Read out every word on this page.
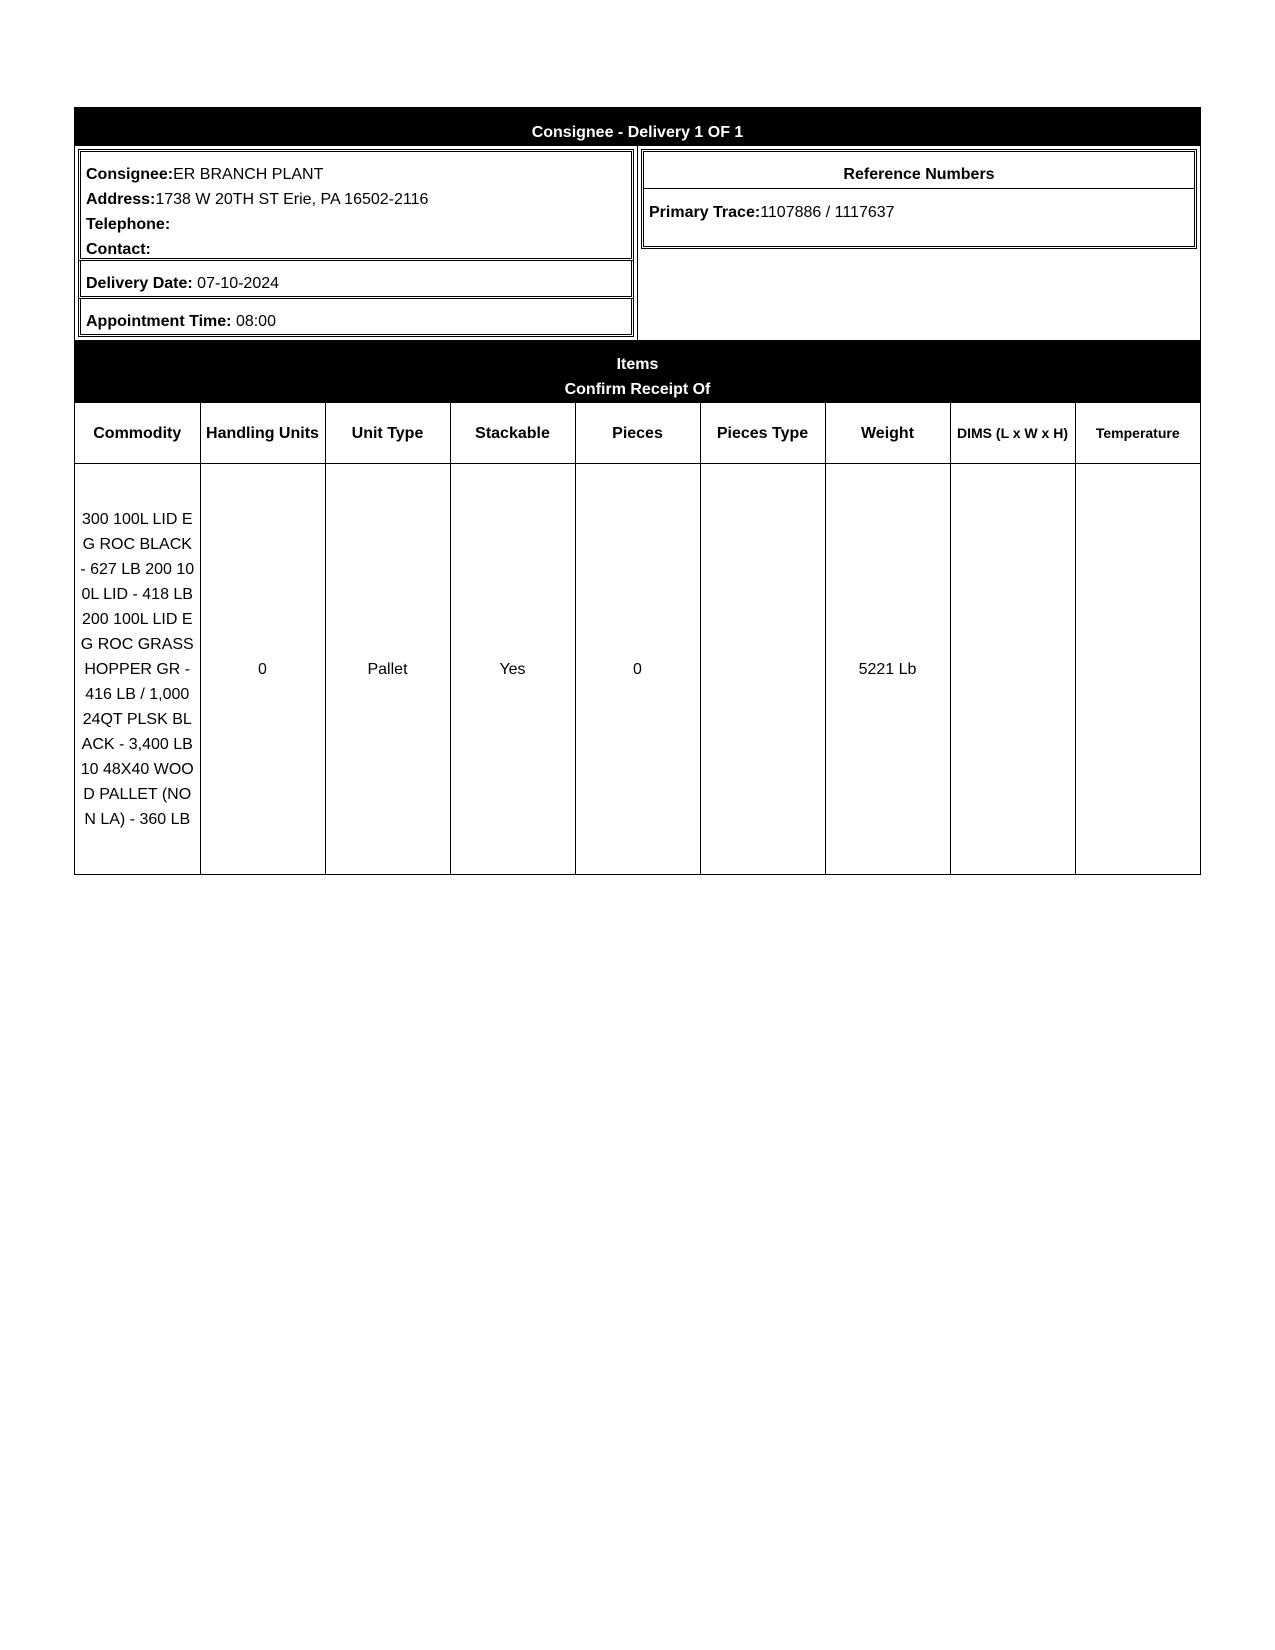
Consignee - Delivery 1 OF 1
Consignee:ER BRANCH PLANT
Address:1738 W 20TH ST Erie, PA 16502-2116
Telephone:
Contact:
Delivery Date: 07-10-2024
Appointment Time: 08:00
Reference Numbers
Primary Trace:1107886 / 1117637
Items
Confirm Receipt Of
Commodity	Handling Units	Unit Type	Stackable	Pieces	Pieces Type	Weight	DIMS (L x W x H)	Temperature
300 100L LID EG ROC BLACK - 627 LB 200 100L LID - 418 LB 200 100L LID EG ROC GRASSHOPPER GR - 416 LB / 1,000 24QT PLSK BLACK - 3,400 LB 10 48X40 WOOD PALLET (NON LA) - 360 LB	0	Pallet	Yes	0		5221 Lb		
